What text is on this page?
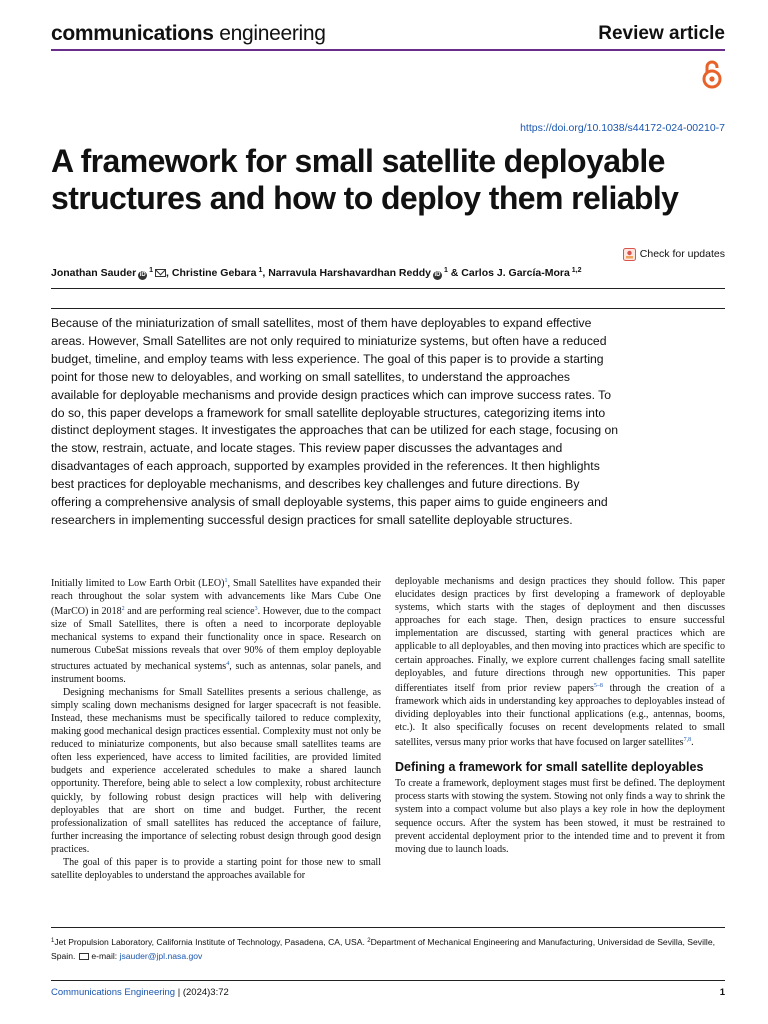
communications engineering	Review article
https://doi.org/10.1038/s44172-024-00210-7
A framework for small satellite deployable structures and how to deploy them reliably
Check for updates
Jonathan Sauder iD $^1$ , Christine Gebara $^1$, Narravula Harshavardhan Reddy iD $^1$ & Carlos J. García-Mora $^{1,2}$

Because of the miniaturization of small satellites, most of them have deployables to expand effective areas. However, Small Satellites are not only required to miniaturize systems, but often have a reduced budget, timeline, and employ teams with less experience. The goal of this paper is to provide a starting point for those new to deloyables, and working on small satellites, to understand the approaches available for deployable mechanisms and provide design practices which can improve success rates. To do so, this paper develops a framework for small satellite deployable structures, categorizing items into distinct deployment stages. It investigates the approaches that can be utilized for each stage, focusing on the stow, restrain, actuate, and locate stages. This review paper discusses the advantages and disadvantages of each approach, supported by examples provided in the references. It then highlights best practices for deployable mechanisms, and describes key challenges and future directions. By offering a comprehensive analysis of small deployable systems, this paper aims to guide engineers and researchers in implementing successful design practices for small satellite deployable structures.

Initially limited to Low Earth Orbit (LEO)$^1$, Small Satellites have expanded their reach throughout the solar system with advancements like Mars Cube One (MarCO) in 2018$^2$ and are performing real science$^3$. However, due to the compact size of Small Satellites, there is often a need to incorporate deployable mechanical systems to expand their functionality once in space. Research on numerous CubeSat missions reveals that over 90% of them employ deployable structures actuated by mechanical systems$^4$, such as antennas, solar panels, and instrument booms.

Designing mechanisms for Small Satellites presents a serious challenge, as simply scaling down mechanisms designed for larger spacecraft is not feasible. Instead, these mechanisms must be specifically tailored to reduce complexity, making good mechanical design practices essential. Complexity must not only be reduced to miniaturize components, but also because small satellites teams are often less experienced, have access to limited facilities, are provided limited budgets and experience accelerated schedules to make a shared launch opportunity. Therefore, being able to select a low complexity, robust architecture quickly, by following robust design practices will help with delivering deployables that are short on time and budget. Further, the recent professionalization of small satellites has reduced the acceptance of failure, further increasing the importance of selecting robust design through good design practices.

The goal of this paper is to provide a starting point for those new to small satellite deployables to understand the approaches available for

deployable mechanisms and design practices they should follow. This paper elucidates design practices by first developing a framework of deployable systems, which starts with the stages of deployment and then discusses approaches for each stage. Then, design practices to ensure successful implementation are discussed, starting with general practices which are applicable to all deployables, and then moving into practices which are specific to certain approaches. Finally, we explore current challenges facing small satellite deployables, and future directions through new opportunities. This paper differentiates itself from prior review papers$^{5-8}$ through the creation of a framework which aids in understanding key approaches to deployables instead of dividing deployables into their functional applications (e.g., antennas, booms, etc.). It also specifically focuses on recent developments related to small satellites, versus many prior works that have focused on larger satellites$^{7,8}$.

Defining a framework for small satellite deployables

To create a framework, deployment stages must first be defined. The deployment process starts with stowing the system. Stowing not only finds a way to shrink the system into a compact volume but also plays a key role in how the deployment sequence occurs. After the system has been stowed, it must be restrained to prevent accidental deployment prior to the intended time and to prevent it from moving due to launch loads.

$^1$Jet Propulsion Laboratory, California Institute of Technology, Pasadena, CA, USA. $^2$Department of Mechanical Engineering and Manufacturing, Universidad de Sevilla, Seville, Spain. e-mail: jsauder@jpl.nasa.gov
Communications Engineering | (2024)3:72	1
